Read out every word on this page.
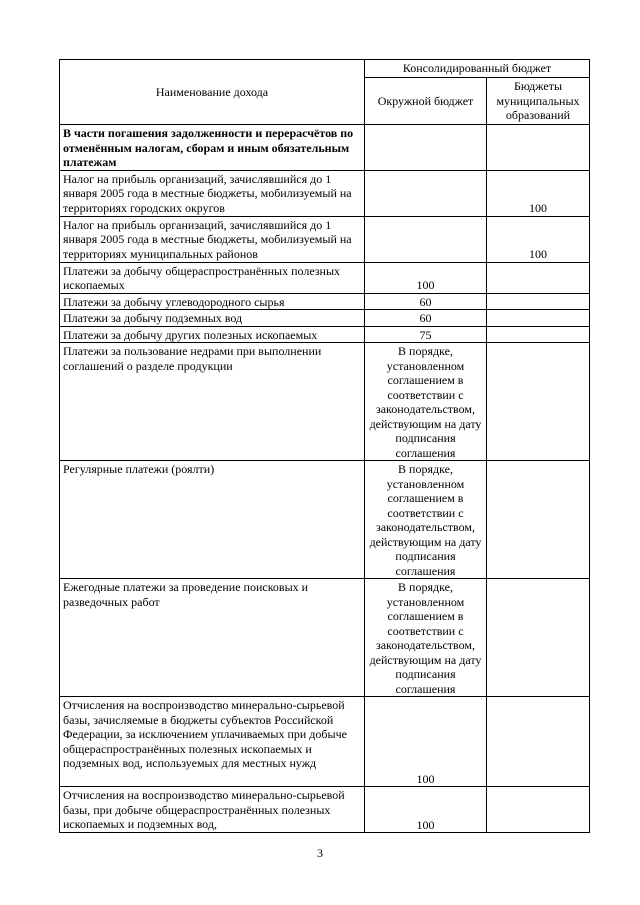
Наименование дохода	Консолидированный бюджет	
	Окружной бюджет	Бюджеты муниципальных образований
В части погашения задолженности и перерасчётов по отменённым налогам, сборам и иным обязательным платежам		
Налог на прибыль организаций, зачислявшийся до 1 января 2005 года в местные бюджеты, мобилизуемый на территориях городских округов		100
Налог на прибыль организаций, зачислявшийся до 1 января 2005 года в местные бюджеты, мобилизуемый на территориях муниципальных районов		100
Платежи за добычу общераспространённых полезных ископаемых	100	
Платежи за добычу углеводородного сырья	60	
Платежи за добычу подземных вод	60	
Платежи за добычу других полезных ископаемых	75	
Платежи за пользование недрами при выполнении соглашений о разделе продукции	В порядке, установленном соглашением в соответствии с законодательством, действующим на дату подписания соглашения	
Регулярные платежи (роялти)	В порядке, установленном соглашением в соответствии с законодательством, действующим на дату подписания соглашения	
Ежегодные платежи за проведение поисковых и разведочных работ	В порядке, установленном соглашением в соответствии с законодательством, действующим на дату подписания соглашения	
Отчисления на воспроизводство минерально-сырьевой базы, зачисляемые в бюджеты субъектов Российской Федерации, за исключением уплачиваемых при добыче общераспространённых полезных ископаемых и подземных вод, используемых для местных нужд	100	
Отчисления на воспроизводство минерально-сырьевой базы, при добыче общераспространённых полезных ископаемых и подземных вод,	100	
3
